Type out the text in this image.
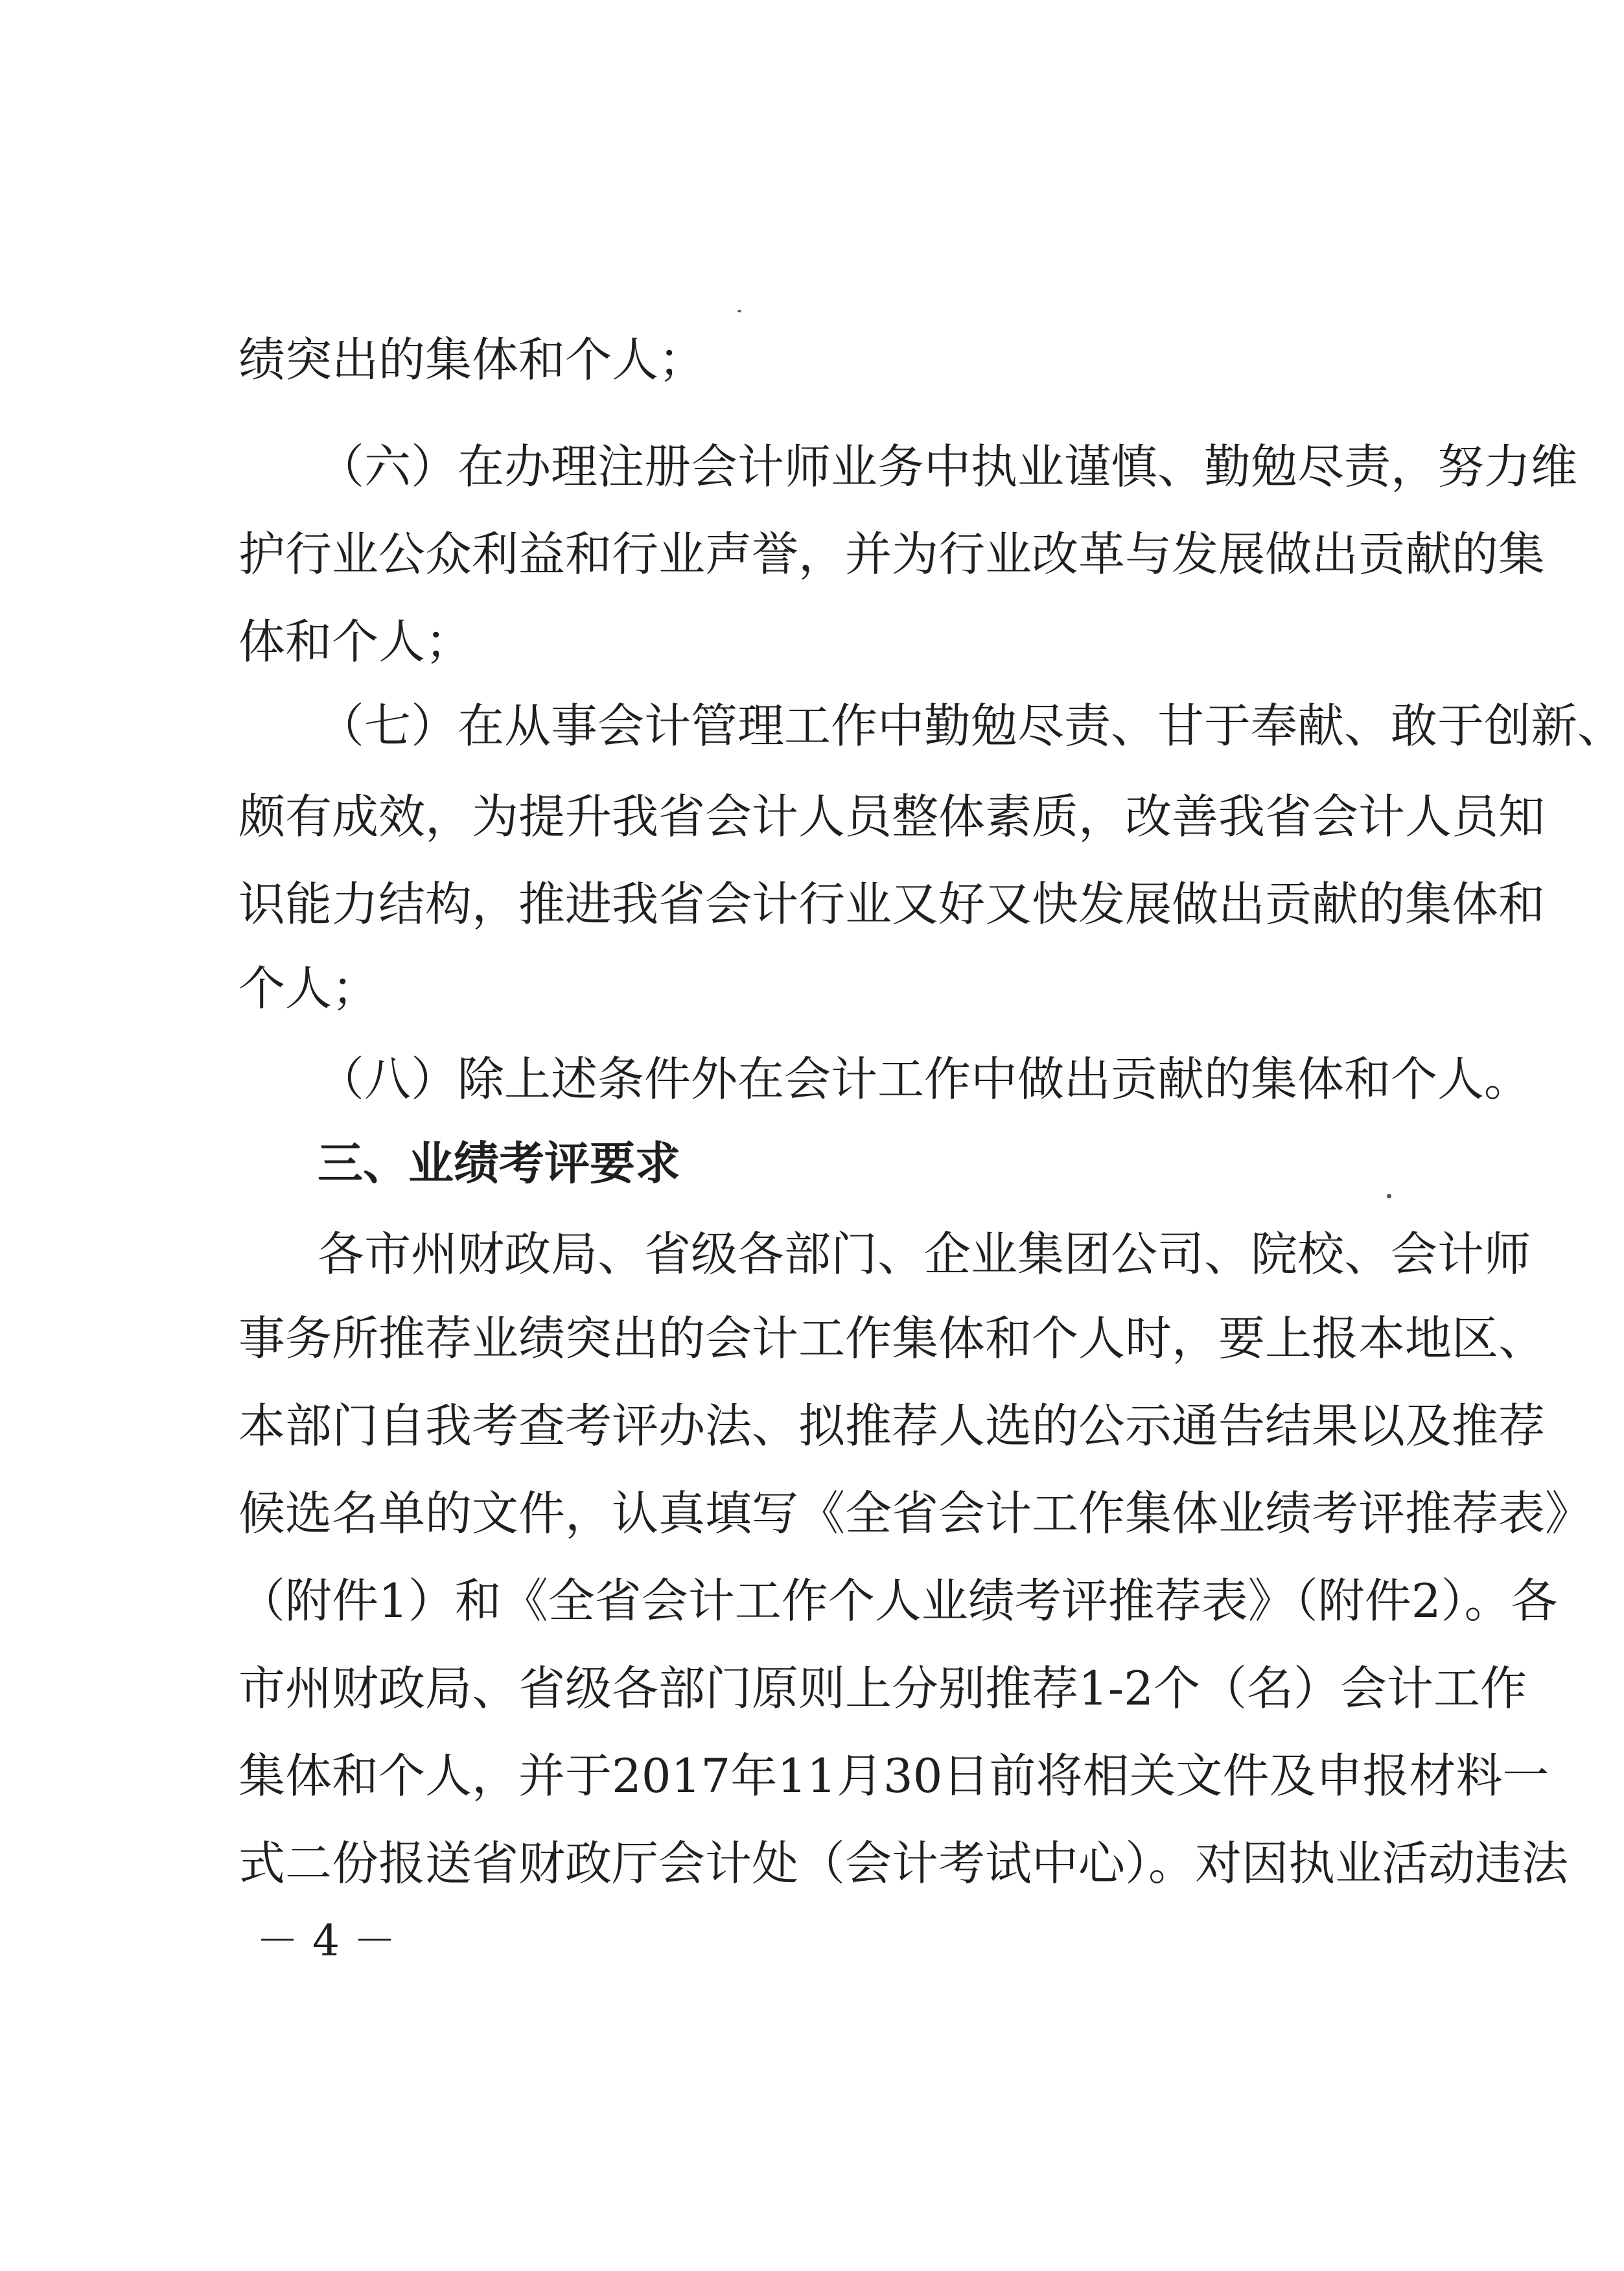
绩突出的集体和个人；
（六）在办理注册会计师业务中执业谨慎、勤勉尽责，努力维
护行业公众利益和行业声誉，并为行业改革与发展做出贡献的集
体和个人；
（七）在从事会计管理工作中勤勉尽责、甘于奉献、敢于创新、
颇有成效，为提升我省会计人员整体素质，改善我省会计人员知
识能力结构，推进我省会计行业又好又快发展做出贡献的集体和
个人；
（八）除上述条件外在会计工作中做出贡献的集体和个人。
三、业绩考评要求
各市州财政局、省级各部门、企业集团公司、院校、会计师
事务所推荐业绩突出的会计工作集体和个人时，要上报本地区、
本部门自我考查考评办法、拟推荐人选的公示通告结果以及推荐
候选名单的文件，认真填写《全省会计工作集体业绩考评推荐表》
（附件1）和《全省会计工作个人业绩考评推荐表》（附件2）。各
市州财政局、省级各部门原则上分别推荐1-2个（名）会计工作
集体和个人，并于2017年11月30日前将相关文件及申报材料一
式二份报送省财政厅会计处（会计考试中心）。对因执业活动违法
－ 4 －
